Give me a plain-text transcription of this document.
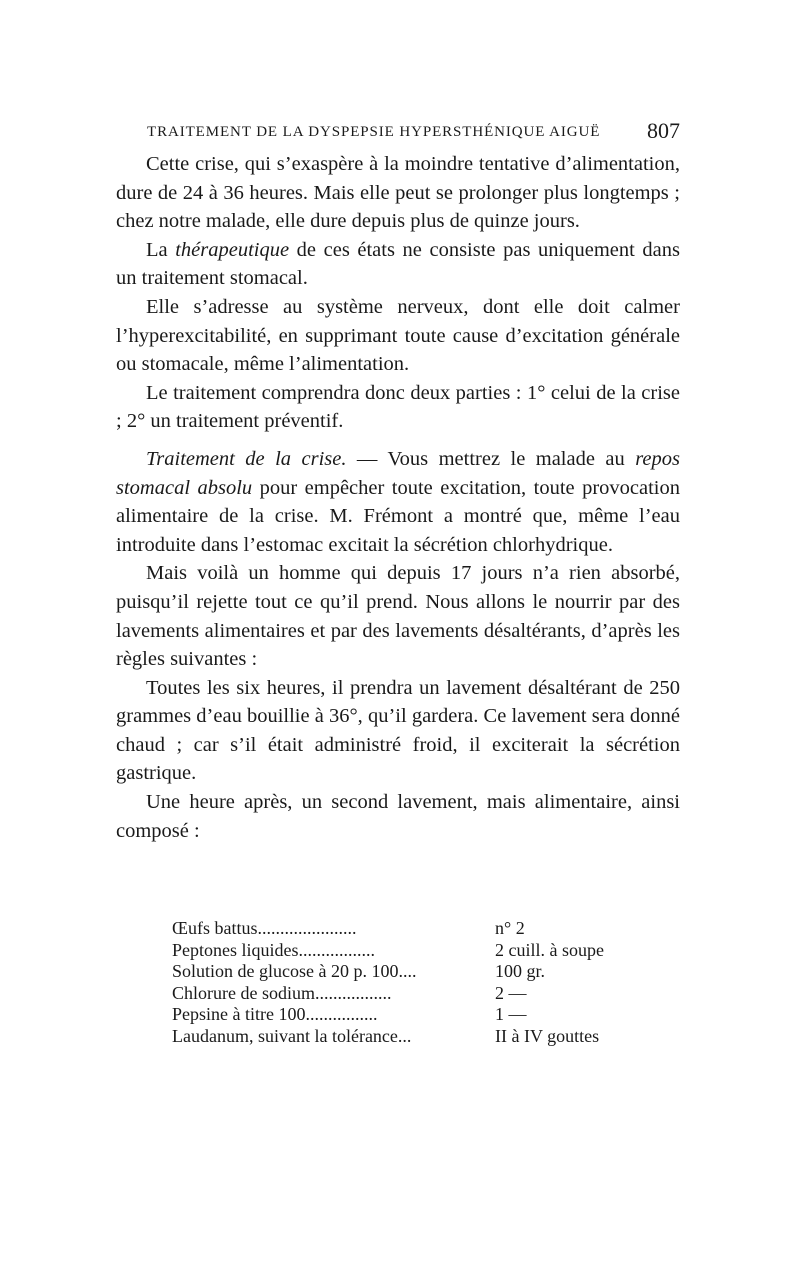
TRAITEMENT DE LA DYSPEPSIE HYPERSTHÉNIQUE AIGUË 807

Cette crise, qui s’exaspère à la moindre tentative d’alimentation, dure de 24 à 36 heures. Mais elle peut se prolonger plus longtemps ; chez notre malade, elle dure depuis plus de quinze jours.

La thérapeutique de ces états ne consiste pas uniquement dans un traitement stomacal.

Elle s’adresse au système nerveux, dont elle doit calmer l’hyperexcitabilité, en supprimant toute cause d’excitation générale ou stomacale, même l’alimentation.

Le traitement comprendra donc deux parties : 1° celui de la crise ; 2° un traitement préventif.

Traitement de la crise. — Vous mettrez le malade au repos stomacal absolu pour empêcher toute excitation, toute provocation alimentaire de la crise. M. Frémont a montré que, même l’eau introduite dans l’estomac excitait la sécrétion chlorhydrique.

Mais voilà un homme qui depuis 17 jours n’a rien absorbé, puisqu’il rejette tout ce qu’il prend. Nous allons le nourrir par des lavements alimentaires et par des lavements désaltérants, d’après les règles suivantes :

Toutes les six heures, il prendra un lavement désaltérant de 250 grammes d’eau bouillie à 36°, qu’il gardera. Ce lavement sera donné chaud ; car s’il était administré froid, il exciterait la sécrétion gastrique.

Une heure après, un second lavement, mais alimentaire, ainsi composé :

Œufs battus......................	n° 2
Peptones liquides.................	2 cuill. à soupe
Solution de glucose à 20 p. 100....	100 gr.
Chlorure de sodium.................	2 —
Pepsine à titre 100................	1 —
Laudanum, suivant la tolérance...	II à IV gouttes
